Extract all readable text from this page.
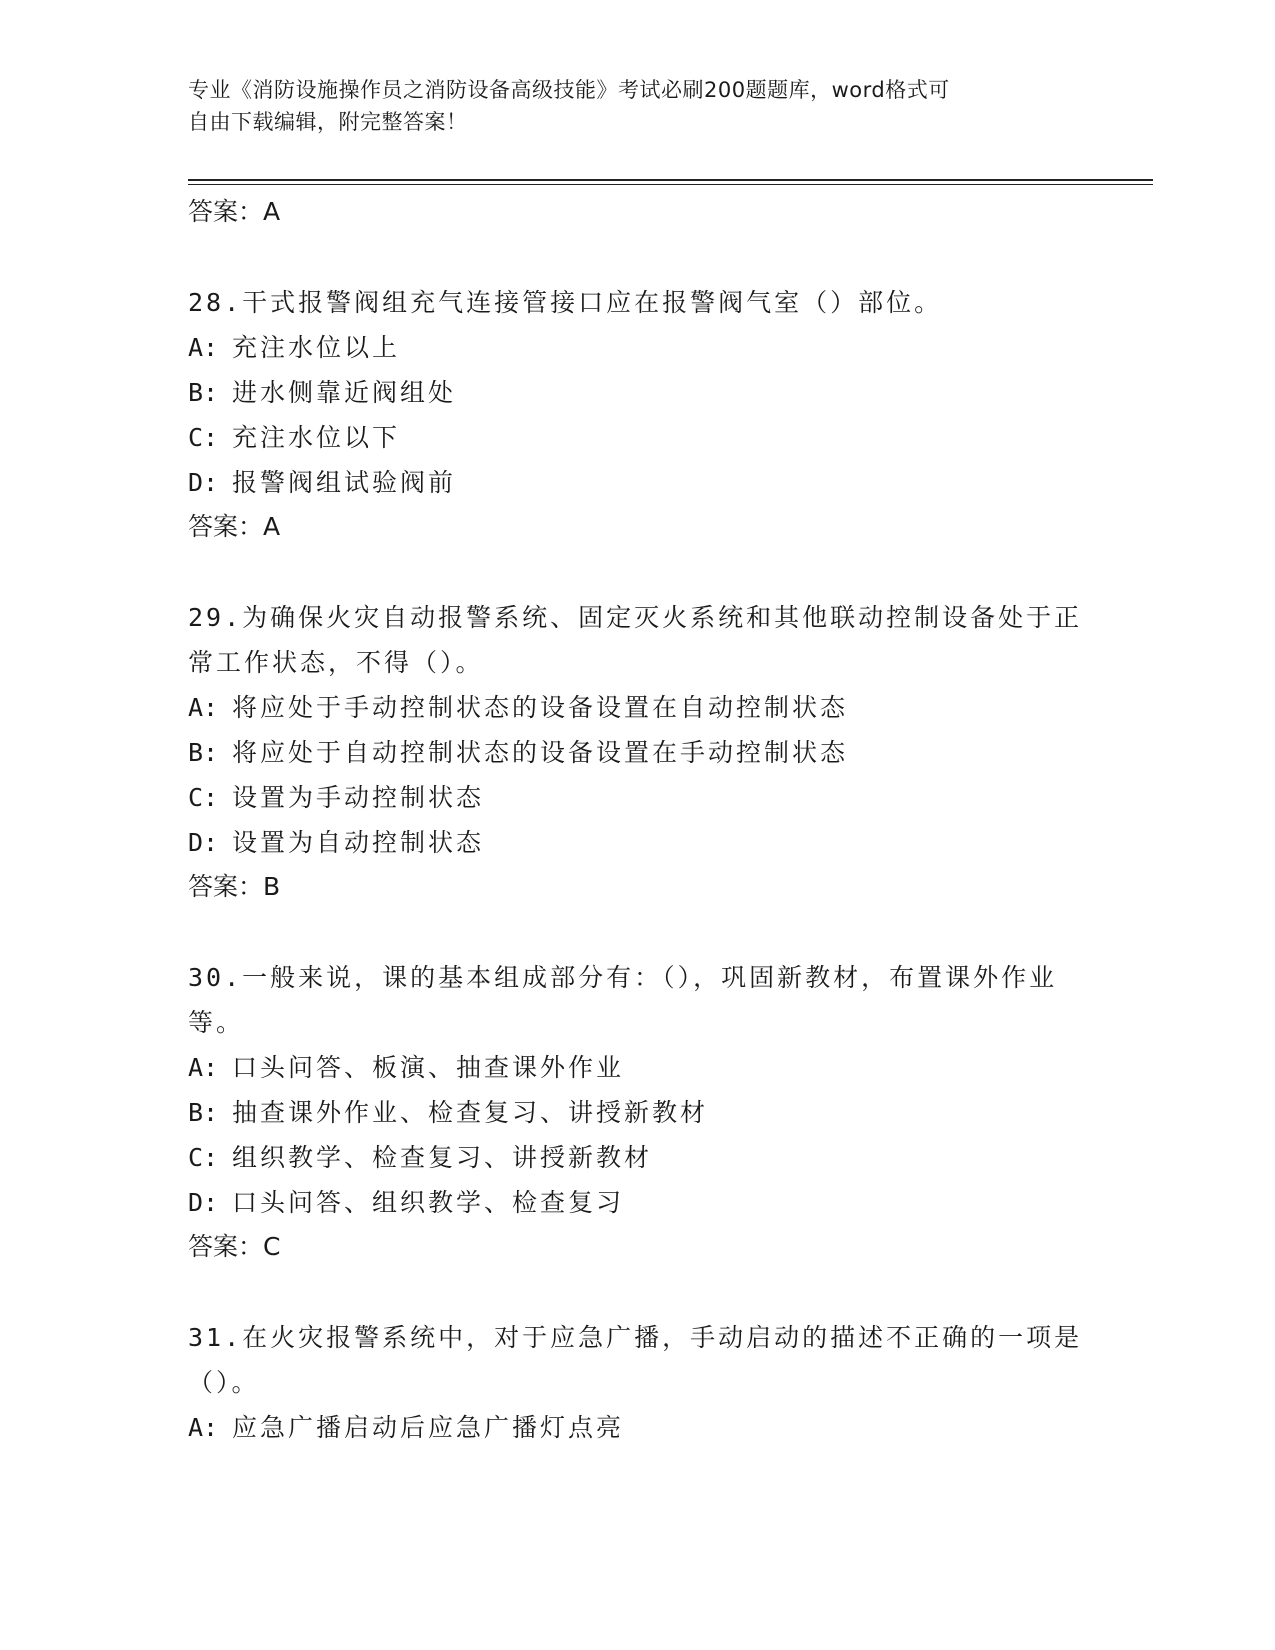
专业《消防设施操作员之消防设备高级技能》考试必刷200题题库，word格式可
自由下载编辑，附完整答案！
答案：A
28.干式报警阀组充气连接管接口应在报警阀气室（）部位。
A: 充注水位以上
B: 进水侧靠近阀组处
C: 充注水位以下
D: 报警阀组试验阀前
答案：A
29.为确保火灾自动报警系统、固定灭火系统和其他联动控制设备处于正常工作状态，不得（）。
A: 将应处于手动控制状态的设备设置在自动控制状态
B: 将应处于自动控制状态的设备设置在手动控制状态
C: 设置为手动控制状态
D: 设置为自动控制状态
答案：B
30.一般来说，课的基本组成部分有：（），巩固新教材，布置课外作业等。
A: 口头问答、板演、抽查课外作业
B: 抽查课外作业、检查复习、讲授新教材
C: 组织教学、检查复习、讲授新教材
D: 口头问答、组织教学、检查复习
答案：C
31.在火灾报警系统中，对于应急广播，手动启动的描述不正确的一项是（）。
A: 应急广播启动后应急广播灯点亮
